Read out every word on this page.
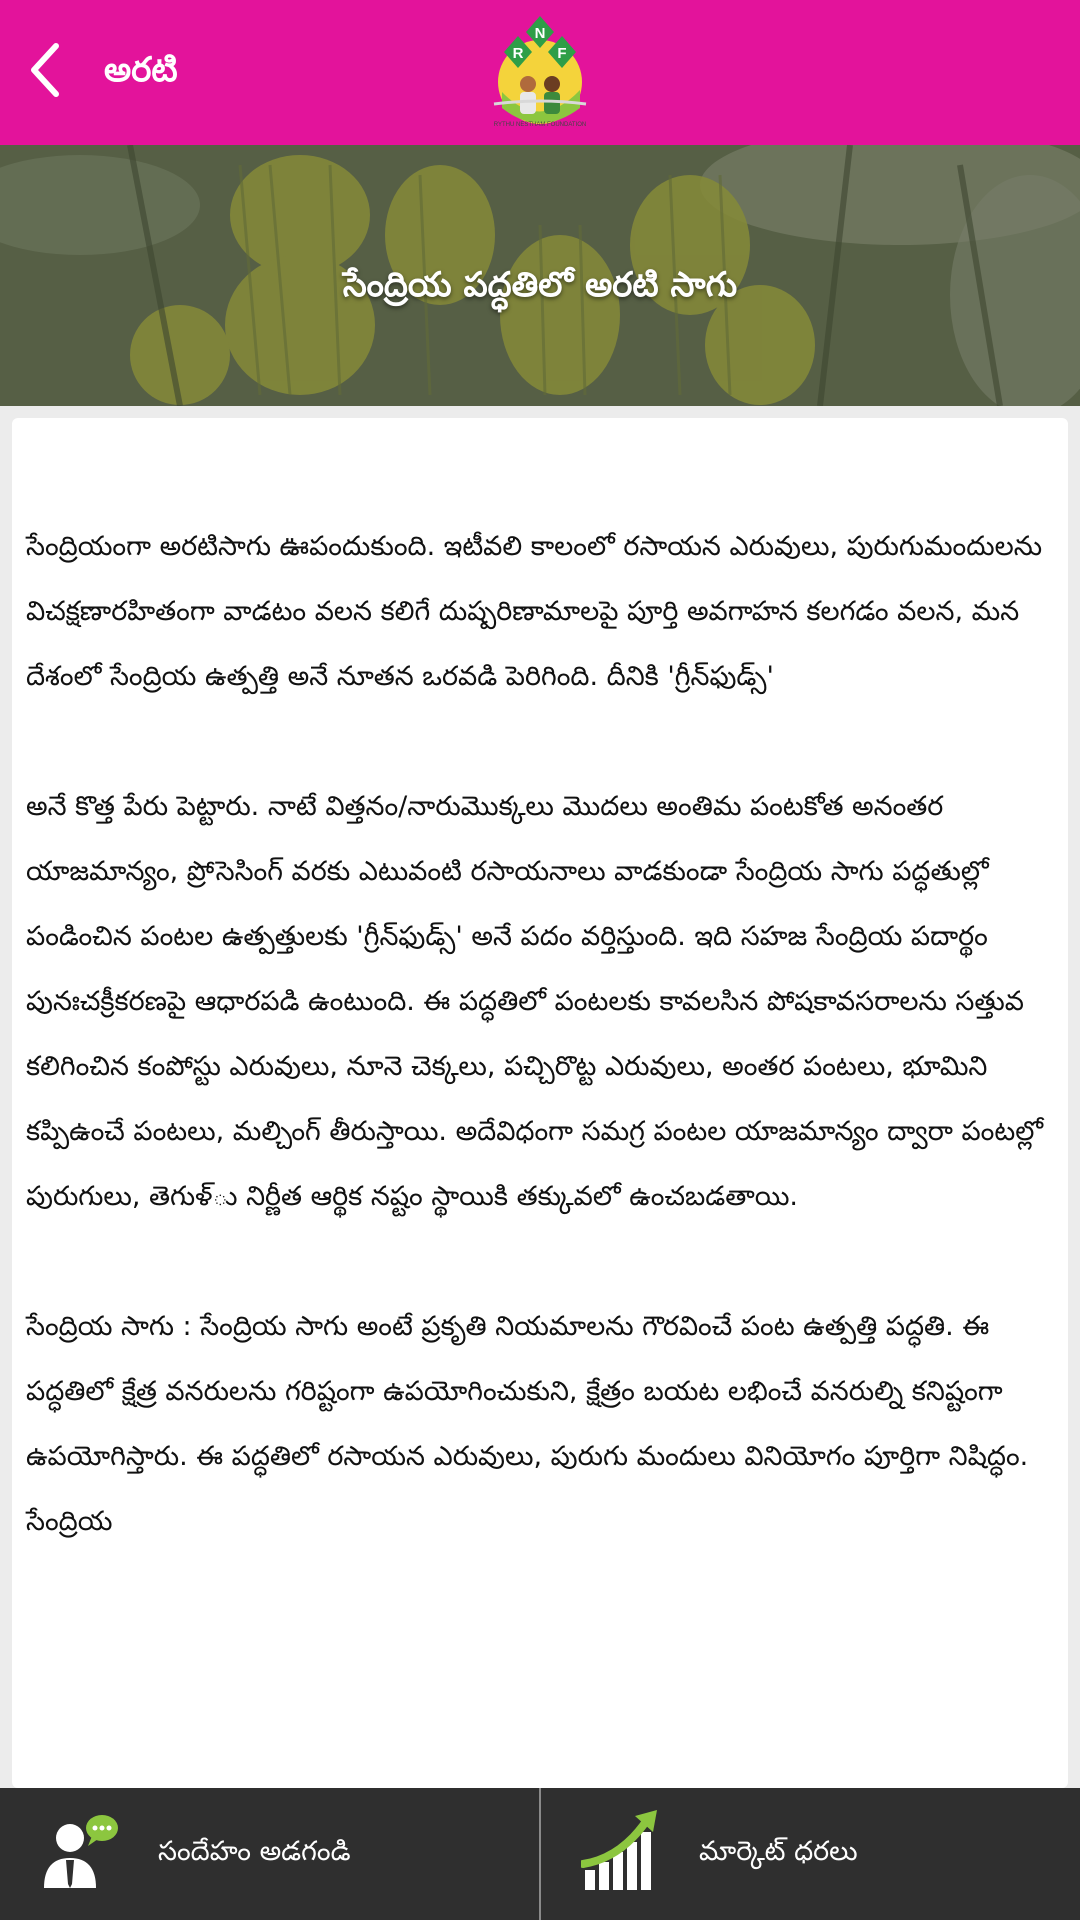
అరటి
N
R F
RYTHU NESTHAM FOUNDATION
సేంద్రియ పద్ధతిలో అరటి సాగు

సేంద్రియంగా అరటిసాగు ఊపందుకుంది. ఇటీవలి కాలంలో రసాయన ఎరువులు, పురుగుమందులను విచక్షణారహితంగా వాడటం వలన కలిగే దుష్పరిణామాలపై పూర్తి అవగాహన కలగడం వలన, మన దేశంలో సేంద్రియ ఉత్పత్తి అనే నూతన ఒరవడి పెరిగింది. దీనికి 'గ్రీన్‌ఫుడ్స్‌'

అనే కొత్త పేరు పెట్టారు. నాటే విత్తనం/నారుమొక్కలు మొదలు అంతిమ పంటకోత అనంతర యాజమాన్యం, ప్రోసెసింగ్‌ వరకు ఎటువంటి రసాయనాలు వాడకుండా సేంద్రియ సాగు పద్ధతుల్లో పండించిన పంటల ఉత్పత్తులకు 'గ్రీన్‌ఫుడ్స్‌' అనే పదం వర్తిస్తుంది. ఇది సహజ సేంద్రియ పదార్థం పునఃచక్రీకరణపై ఆధారపడి ఉంటుంది. ఈ పద్ధతిలో పంటలకు కావలసిన పోషకావసరాలను సత్తువ కలిగించిన కంపోస్టు ఎరువులు, నూనె చెక్కలు, పచ్చిరొట్ట ఎరువులు, అంతర పంటలు, భూమిని కప్పిఉంచే పంటలు, మల్చింగ్‌ తీరుస్తాయి. అదేవిధంగా సమగ్ర పంటల యాజమాన్యం ద్వారా పంటల్లో పురుగులు, తెగుళ్ు నిర్ణీత ఆర్థిక నష్టం స్థాయికి తక్కువలో ఉంచబడతాయి.

సేంద్రియ సాగు : సేంద్రియ సాగు అంటే ప్రకృతి నియమాలను గౌరవించే పంట ఉత్పత్తి పద్ధతి. ఈ పద్ధతిలో క్షేత్ర వనరులను గరిష్టంగా ఉపయోగించుకుని, క్షేత్రం బయట లభించే వనరుల్ని కనిష్టంగా ఉపయోగిస్తారు. ఈ పద్ధతిలో రసాయన ఎరువులు, పురుగు మందులు వినియోగం పూర్తిగా నిషిద్ధం. సేంద్రియ

సందేహం అడగండి	మార్కెట్ ధరలు
